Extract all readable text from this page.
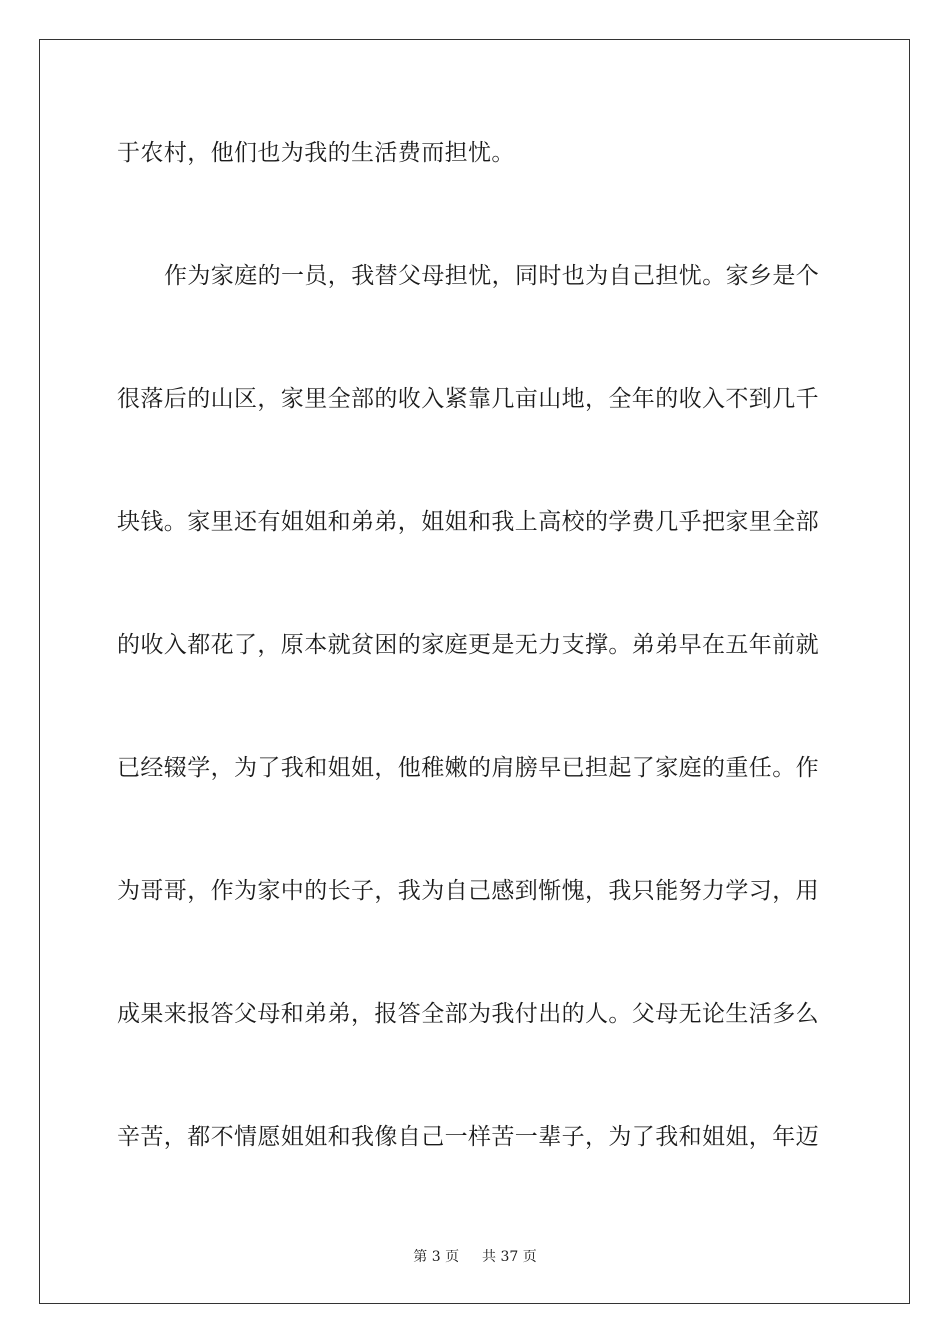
于农村，他们也为我的生活费而担忧。
作为家庭的一员，我替父母担忧，同时也为自己担忧。家乡是个
很落后的山区，家里全部的收入紧靠几亩山地，全年的收入不到几千
块钱。家里还有姐姐和弟弟，姐姐和我上高校的学费几乎把家里全部
的收入都花了，原本就贫困的家庭更是无力支撑。弟弟早在五年前就
已经辍学，为了我和姐姐，他稚嫩的肩膀早已担起了家庭的重任。作
为哥哥，作为家中的长子，我为自己感到惭愧，我只能努力学习，用
成果来报答父母和弟弟，报答全部为我付出的人。父母无论生活多么
辛苦，都不情愿姐姐和我像自己一样苦一辈子，为了我和姐姐，年迈
第 3 页 共 37 页
